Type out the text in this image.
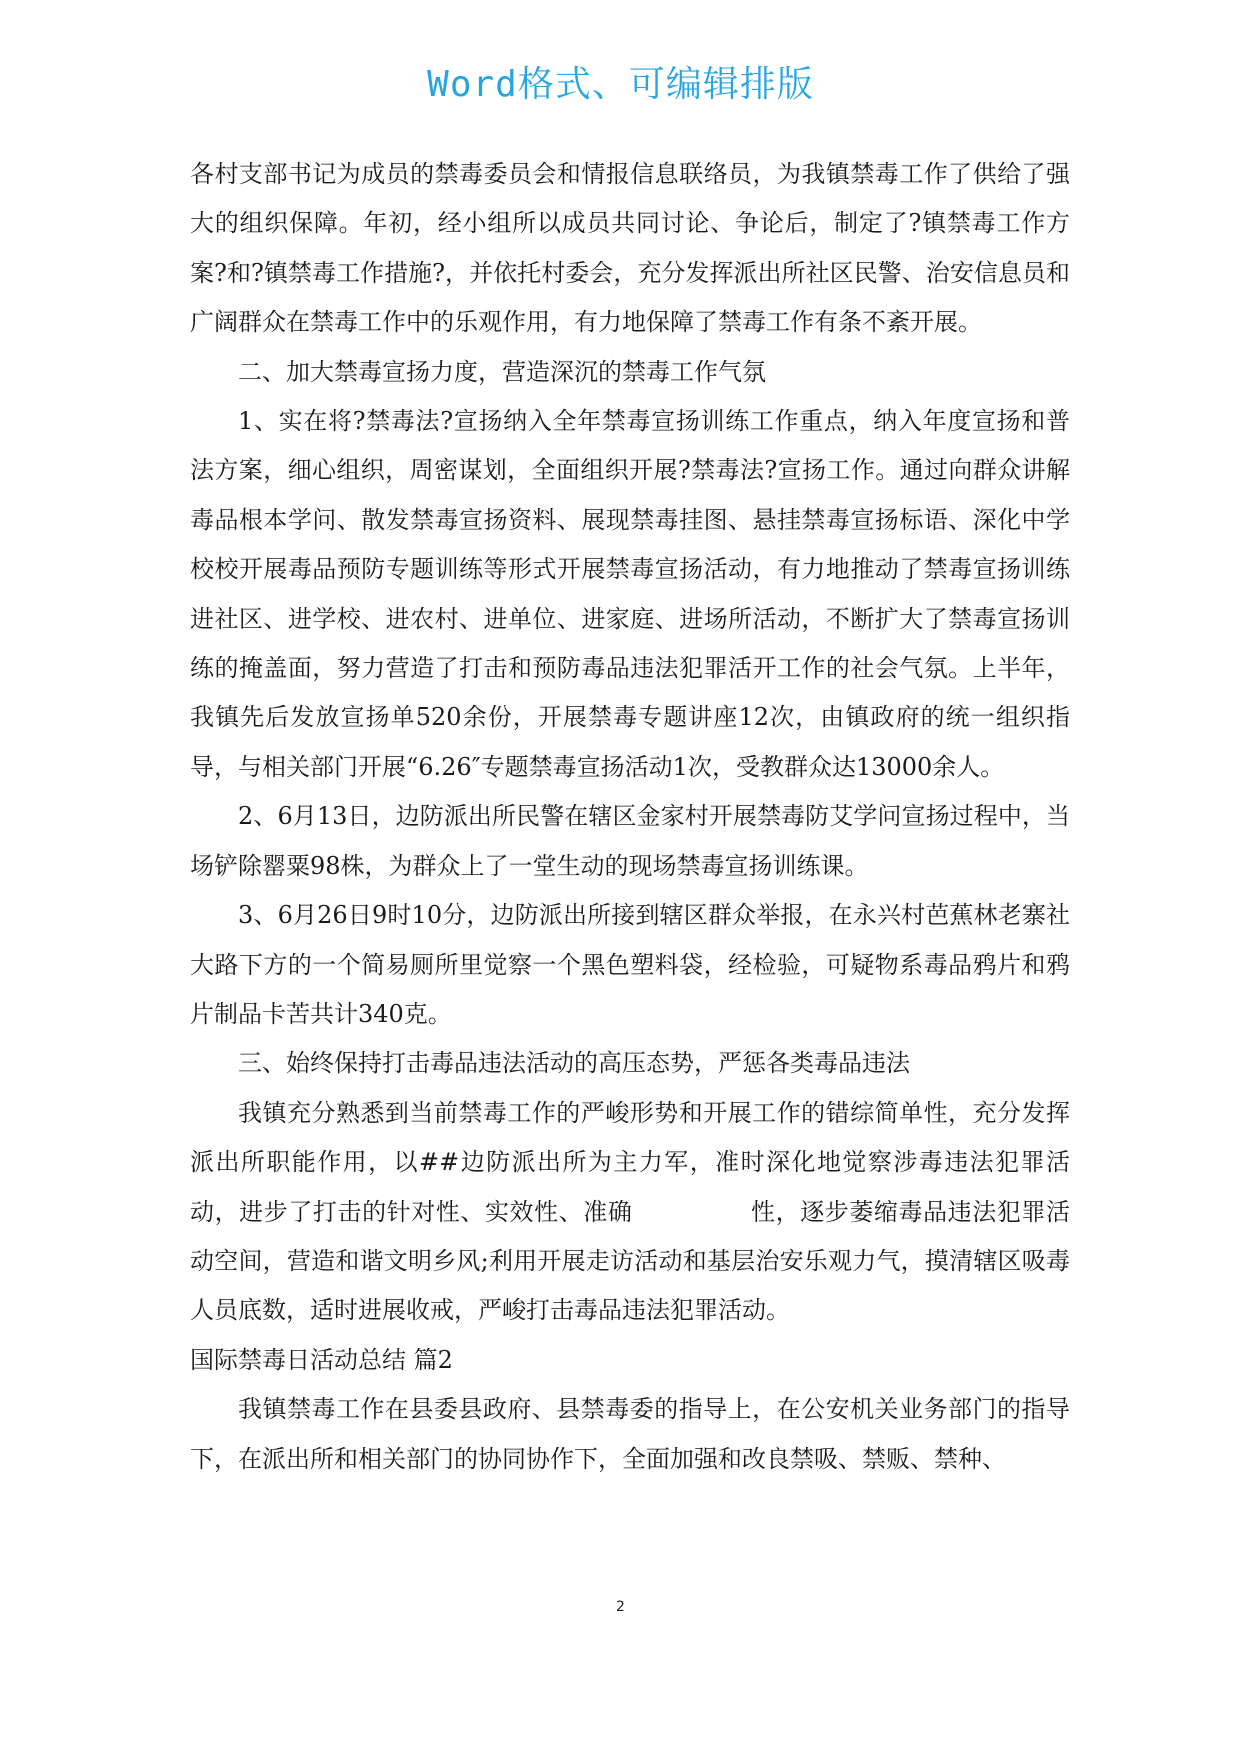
Word格式、可编辑排版

各村支部书记为成员的禁毒委员会和情报信息联络员，为我镇禁毒工作了供给了强大的组织保障。年初，经小组所以成员共同讨论、争论后，制定了?镇禁毒工作方案?和?镇禁毒工作措施?，并依托村委会，充分发挥派出所社区民警、治安信息员和广阔群众在禁毒工作中的乐观作用，有力地保障了禁毒工作有条不紊开展。

二、加大禁毒宣扬力度，营造深沉的禁毒工作气氛

1、实在将?禁毒法?宣扬纳入全年禁毒宣扬训练工作重点，纳入年度宣扬和普法方案，细心组织，周密谋划，全面组织开展?禁毒法?宣扬工作。通过向群众讲解毒品根本学问、散发禁毒宣扬资料、展现禁毒挂图、悬挂禁毒宣扬标语、深化中学校校开展毒品预防专题训练等形式开展禁毒宣扬活动，有力地推动了禁毒宣扬训练进社区、进学校、进农村、进单位、进家庭、进场所活动，不断扩大了禁毒宣扬训练的掩盖面，努力营造了打击和预防毒品违法犯罪活开工作的社会气氛。上半年，我镇先后发放宣扬单520余份，开展禁毒专题讲座12次，由镇政府的统一组织指导，与相关部门开展“6.26″专题禁毒宣扬活动1次，受教群众达13000余人。

2、6月13日，边防派出所民警在辖区金家村开展禁毒防艾学问宣扬过程中，当场铲除罂粟98株，为群众上了一堂生动的现场禁毒宣扬训练课。

3、6月26日9时10分，边防派出所接到辖区群众举报，在永兴村芭蕉林老寨社大路下方的一个简易厕所里觉察一个黑色塑料袋，经检验，可疑物系毒品鸦片和鸦片制品卡苦共计340克。

三、始终保持打击毒品违法活动的高压态势，严惩各类毒品违法

我镇充分熟悉到当前禁毒工作的严峻形势和开展工作的错综简单性，充分发挥派出所职能作用，以##边防派出所为主力军，准时深化地觉察涉毒违法犯罪活动，进步了打击的针对性、实效性、准确	性，逐步萎缩毒品违法犯罪活动空间，营造和谐文明乡风;利用开展走访活动和基层治安乐观力气，摸清辖区吸毒人员底数，适时进展收戒，严峻打击毒品违法犯罪活动。

国际禁毒日活动总结 篇2

我镇禁毒工作在县委县政府、县禁毒委的指导上，在公安机关业务部门的指导下，在派出所和相关部门的协同协作下，全面加强和改良禁吸、禁贩、禁种、

2
